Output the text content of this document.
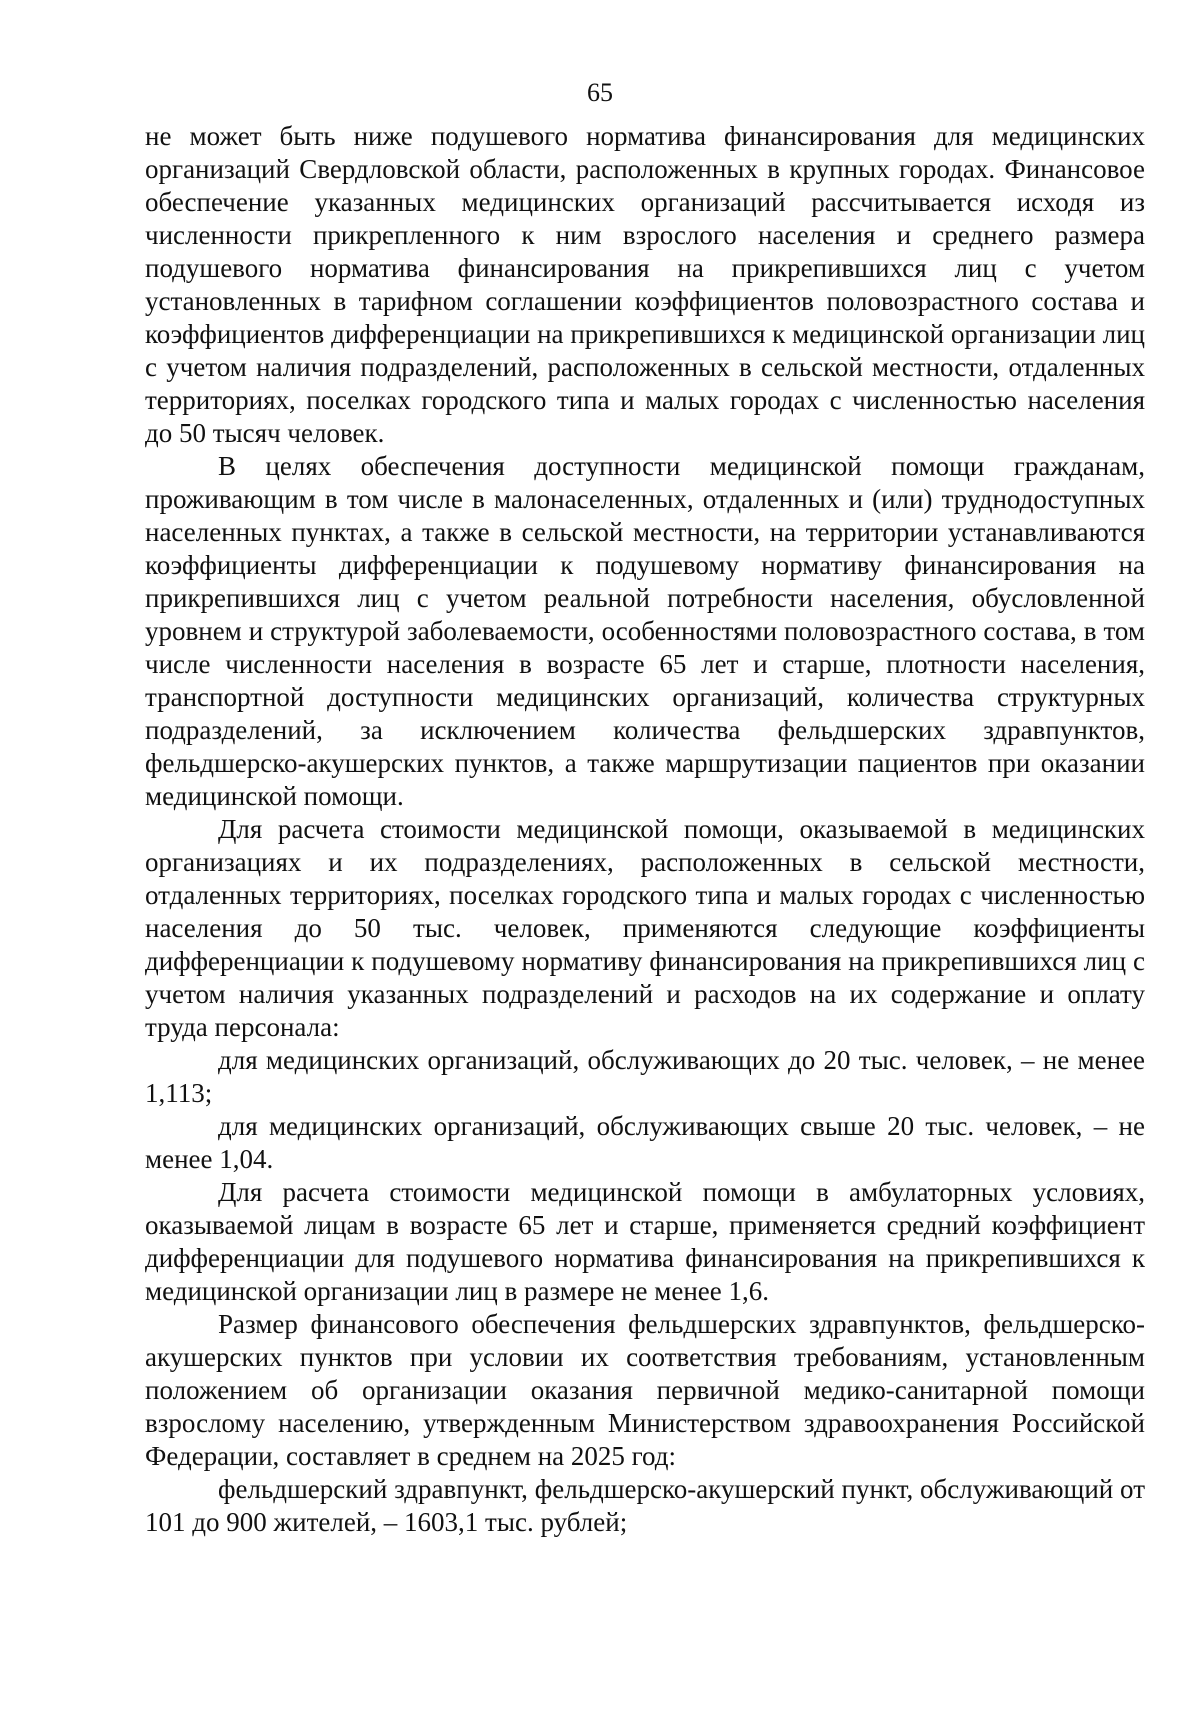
65

не может быть ниже подушевого норматива финансирования для медицинских организаций Свердловской области, расположенных в крупных городах. Финансовое обеспечение указанных медицинских организаций рассчитывается исходя из численности прикрепленного к ним взрослого населения и среднего размера подушевого норматива финансирования на прикрепившихся лиц с учетом установленных в тарифном соглашении коэффициентов половозрастного состава и коэффициентов дифференциации на прикрепившихся к медицинской организации лиц с учетом наличия подразделений, расположенных в сельской местности, отдаленных территориях, поселках городского типа и малых городах с численностью населения до 50 тысяч человек.

В целях обеспечения доступности медицинской помощи гражданам, проживающим в том числе в малонаселенных, отдаленных и (или) труднодоступных населенных пунктах, а также в сельской местности, на территории устанавливаются коэффициенты дифференциации к подушевому нормативу финансирования на прикрепившихся лиц с учетом реальной потребности населения, обусловленной уровнем и структурой заболеваемости, особенностями половозрастного состава, в том числе численности населения в возрасте 65 лет и старше, плотности населения, транспортной доступности медицинских организаций, количества структурных подразделений, за исключением количества фельдшерских здравпунктов, фельдшерско-акушерских пунктов, а также маршрутизации пациентов при оказании медицинской помощи.

Для расчета стоимости медицинской помощи, оказываемой в медицинских организациях и их подразделениях, расположенных в сельской местности, отдаленных территориях, поселках городского типа и малых городах с численностью населения до 50 тыс. человек, применяются следующие коэффициенты дифференциации к подушевому нормативу финансирования на прикрепившихся лиц с учетом наличия указанных подразделений и расходов на их содержание и оплату труда персонала:

для медицинских организаций, обслуживающих до 20 тыс. человек, – не менее 1,113;

для медицинских организаций, обслуживающих свыше 20 тыс. человек, – не менее 1,04.

Для расчета стоимости медицинской помощи в амбулаторных условиях, оказываемой лицам в возрасте 65 лет и старше, применяется средний коэффициент дифференциации для подушевого норматива финансирования на прикрепившихся к медицинской организации лиц в размере не менее 1,6.

Размер финансового обеспечения фельдшерских здравпунктов, фельдшерско-акушерских пунктов при условии их соответствия требованиям, установленным положением об организации оказания первичной медико-санитарной помощи взрослому населению, утвержденным Министерством здравоохранения Российской Федерации, составляет в среднем на 2025 год:

фельдшерский здравпункт, фельдшерско-акушерский пункт, обслуживающий от 101 до 900 жителей, – 1603,1 тыс. рублей;
